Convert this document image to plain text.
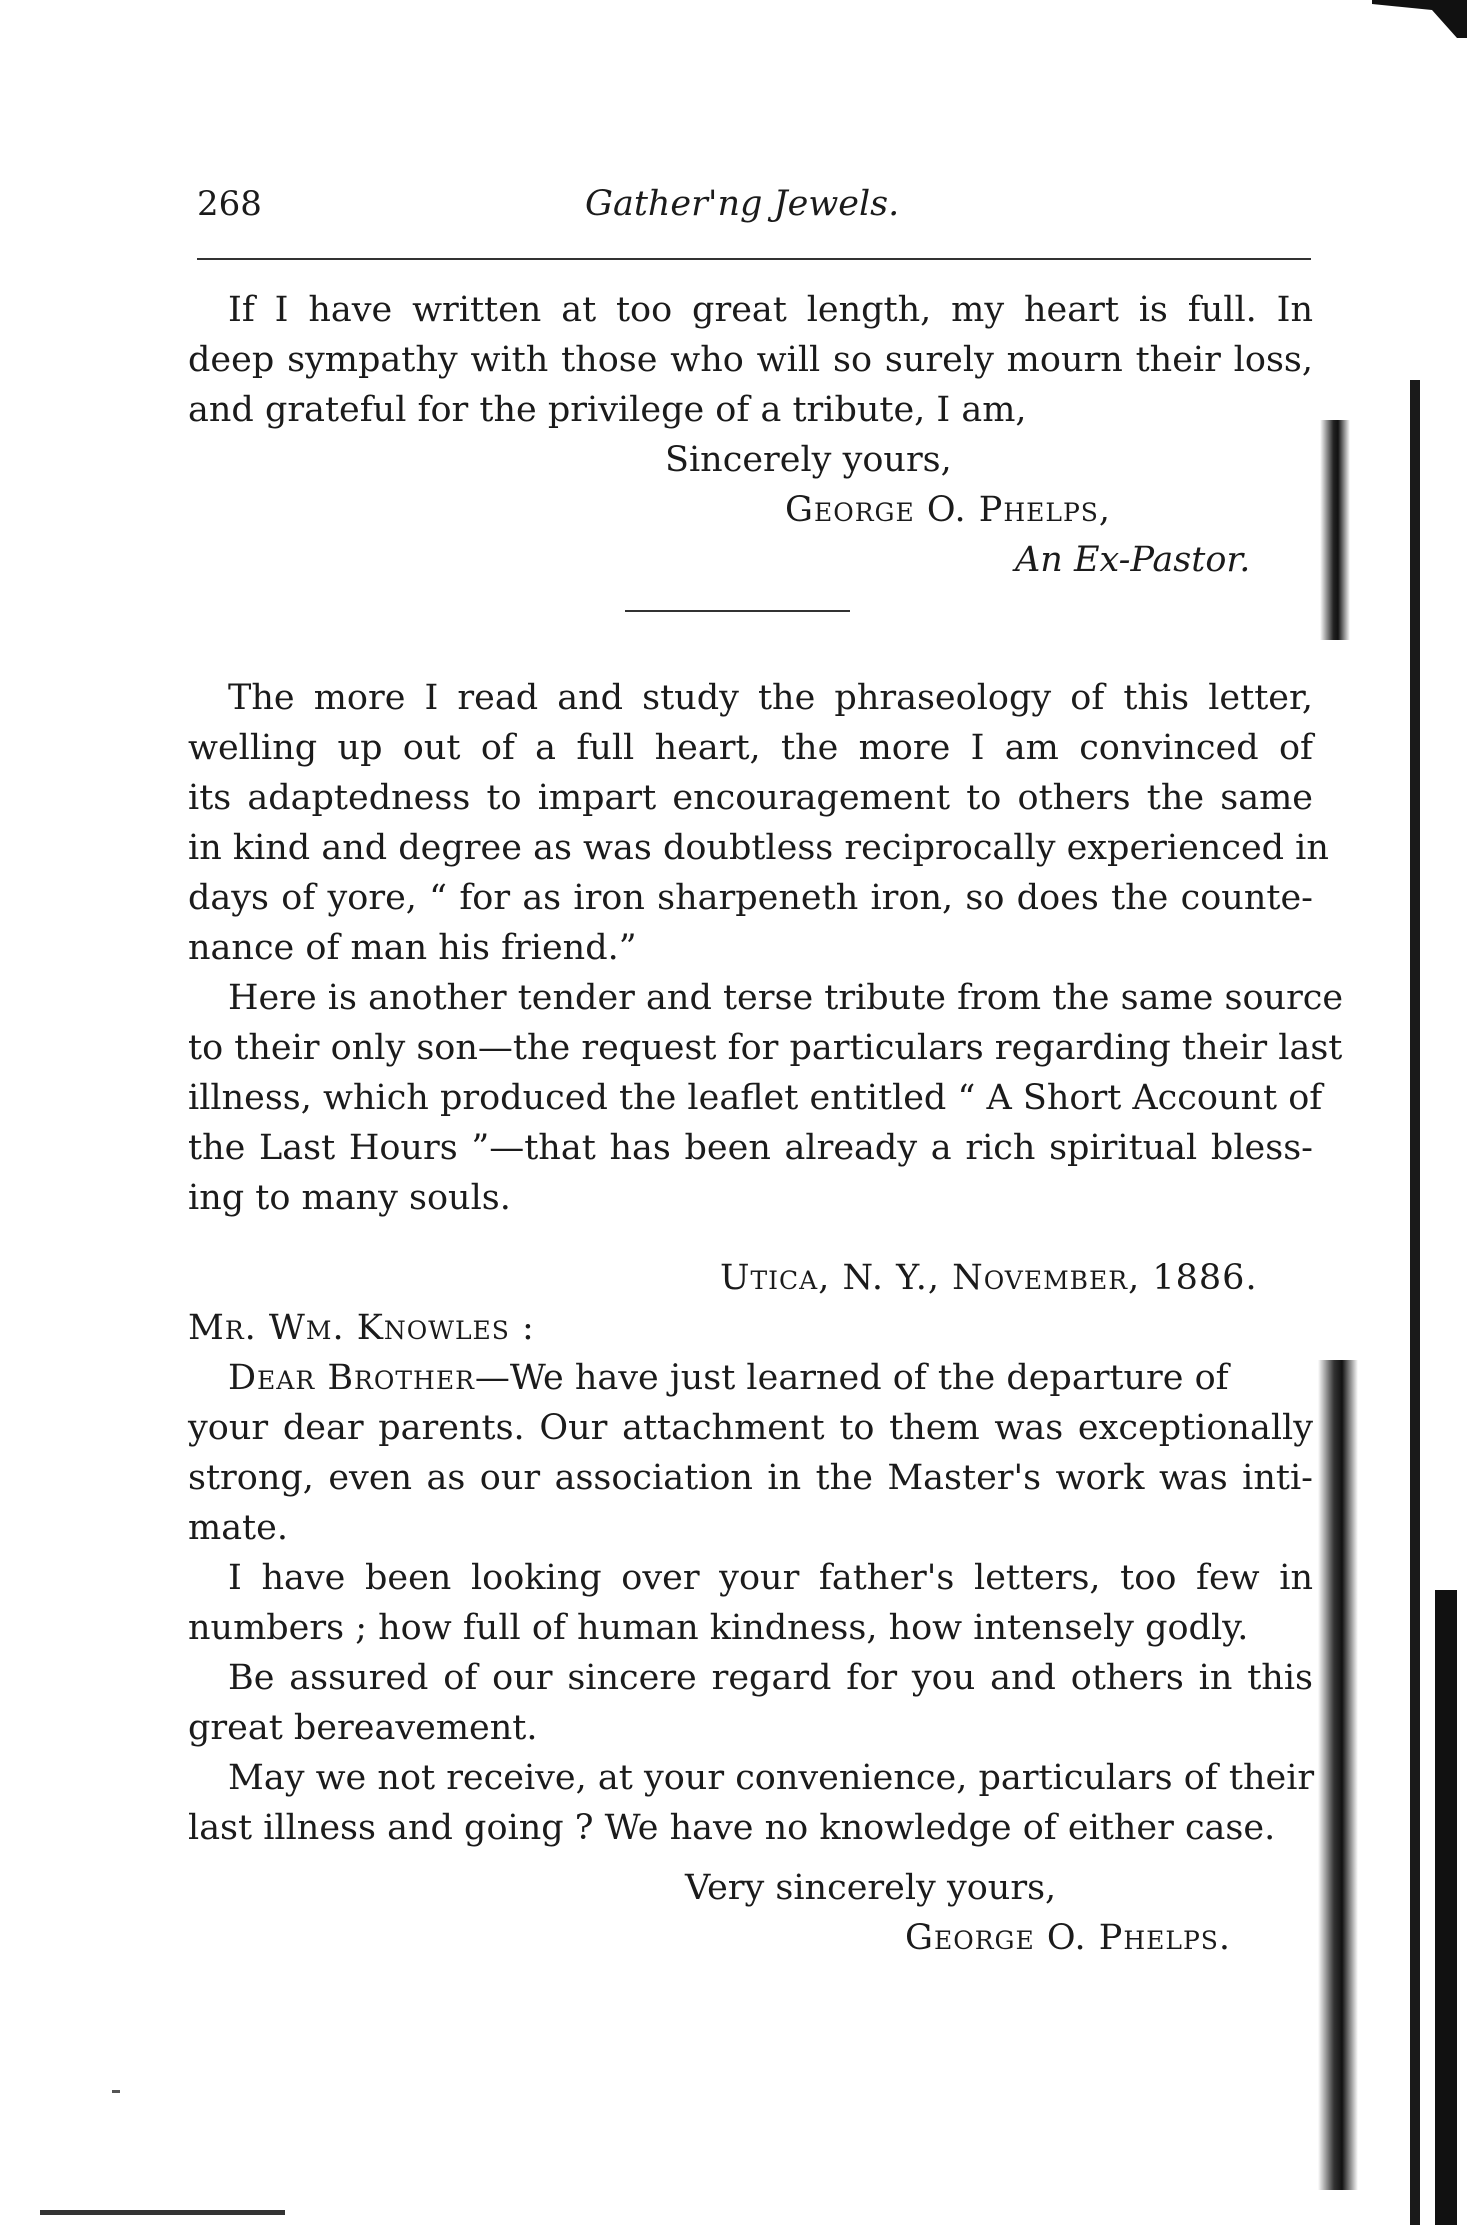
268	Gather'ng Jewels.
If I have written at too great length, my heart is full. In
deep sympathy with those who will so surely mourn their loss,
and grateful for the privilege of a tribute, I am,
Sincerely yours,
George O. Phelps,
An Ex-Pastor.
The more I read and study the phraseology of this letter,
welling up out of a full heart, the more I am convinced of
its adaptedness to impart encouragement to others the same
in kind and degree as was doubtless reciprocally experienced in
days of yore, “ for as iron sharpeneth iron, so does the counte-
nance of man his friend.”
Here is another tender and terse tribute from the same source
to their only son—the request for particulars regarding their last
illness, which produced the leaflet entitled “ A Short Account of
the Last Hours ”—that has been already a rich spiritual bless-
ing to many souls.
Utica, N. Y., November, 1886.
Mr. Wm. Knowles :
Dear Brother—We have just learned of the departure of
your dear parents. Our attachment to them was exceptionally
strong, even as our association in the Master's work was inti-
mate.
I have been looking over your father's letters, too few in
numbers ; how full of human kindness, how intensely godly.
Be assured of our sincere regard for you and others in this
great bereavement.
May we not receive, at your convenience, particulars of their
last illness and going ? We have no knowledge of either case.
Very sincerely yours,
George O. Phelps.
